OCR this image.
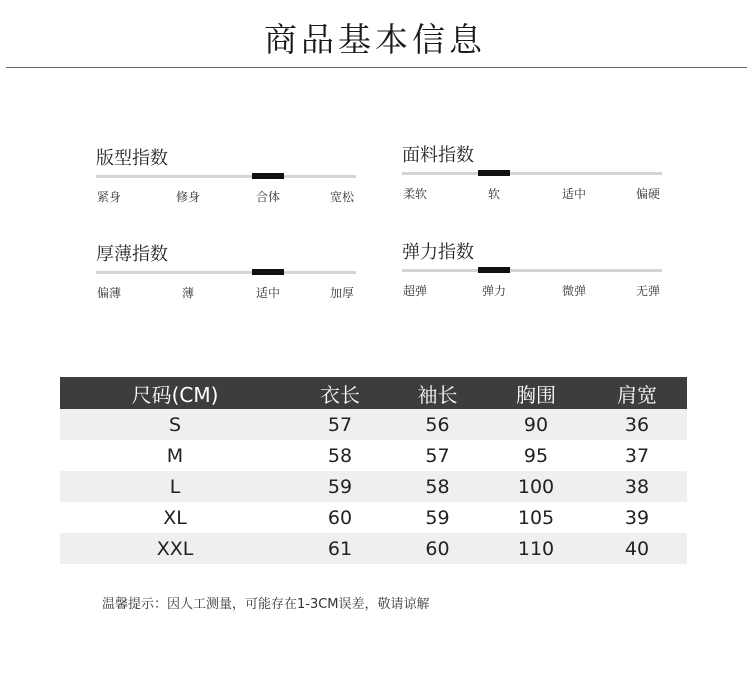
商品基本信息
版型指数
紧身	修身	合体	宽松
面料指数
柔软	软	适中	偏硬
厚薄指数
偏薄	薄	适中	加厚
弹力指数
超弹	弹力	微弹	无弹
尺码(CM)	衣长	袖长	胸围	肩宽
S	57	56	90	36
M	58	57	95	37
L	59	58	100	38
XL	60	59	105	39
XXL	61	60	110	40
温馨提示：因人工测量，可能存在1-3CM误差，敬请谅解
